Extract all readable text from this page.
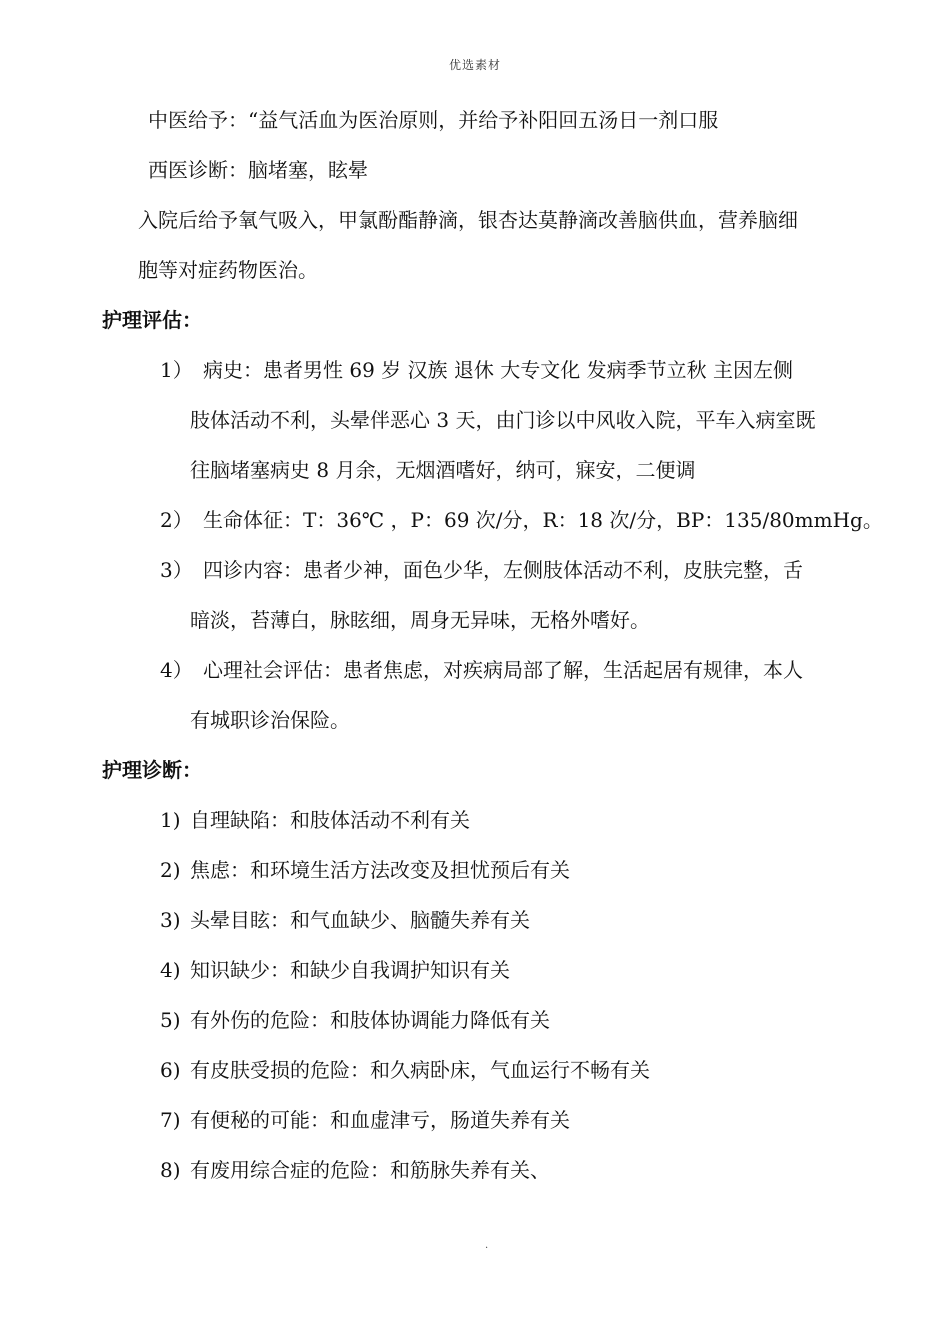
优选素材
中医给予：“益气活血为医治原则，并给予补阳回五汤日一剂口服
西医诊断：脑堵塞，眩晕
入院后给予氧气吸入，甲氯酚酯静滴，银杏达莫静滴改善脑供血，营养脑细
胞等对症药物医治。
护理评估：
1） 病史：患者男性 69 岁 汉族 退休 大专文化 发病季节立秋 主因左侧
肢体活动不利，头晕伴恶心 3 天，由门诊以中风收入院，平车入病室既
往脑堵塞病史 8 月余，无烟酒嗜好，纳可，寐安，二便调
2） 生命体征：T：36℃ ，P：69 次/分，R：18 次/分，BP：135/80mmHg。
3） 四诊内容：患者少神，面色少华，左侧肢体活动不利，皮肤完整，舌
暗淡，苔薄白，脉眩细，周身无异味，无格外嗜好。
4） 心理社会评估：患者焦虑，对疾病局部了解，生活起居有规律，本人
有城职诊治保险。
护理诊断：
1) 自理缺陷：和肢体活动不利有关
2) 焦虑：和环境生活方法改变及担忧预后有关
3) 头晕目眩：和气血缺少、脑髓失养有关
4) 知识缺少：和缺少自我调护知识有关
5) 有外伤的危险：和肢体协调能力降低有关
6) 有皮肤受损的危险：和久病卧床，气血运行不畅有关
7) 有便秘的可能：和血虚津亏，肠道失养有关
8) 有废用综合症的危险：和筋脉失养有关、
.
